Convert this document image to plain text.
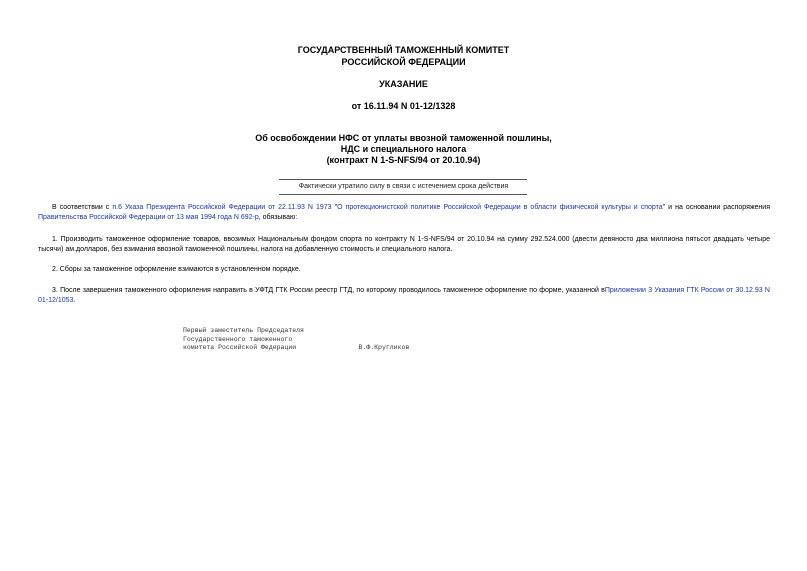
ГОСУДАРСТВЕННЫЙ ТАМОЖЕННЫЙ КОМИТЕТ
РОССИЙСКОЙ ФЕДЕРАЦИИ
УКАЗАНИЕ
от 16.11.94 N 01-12/1328
Об освобождении НФС от уплаты ввозной таможенной пошлины,
НДС и специального налога
(контракт N 1-S-NFS/94 от 20.10.94)
Фактически утратило силу в связи с истечением срока действия
В соответствии с п.6 Указа Президента Российской Федерации от 22.11.93 N 1973 "О протекционистской политике Российской Федерации в области физической культуры и спорта" и на основании распоряжения Правительства Российской Федерации от 13 мая 1994 года N 692-р, обязываю:
1. Производить таможенное оформление товаров, ввозимых Национальным фондом спорта по контракту N 1-S-NFS/94 от 20.10.94 на сумму 292.524.000 (двести девяносто два миллиона пятьсот двадцать четыре тысячи) ам.долларов, без взимания ввозной таможенной пошлины, налога на добавленную стоимость и специального налога.
2. Сборы за таможенное оформление взимаются в установленном порядке.
3. После завершения таможенного оформления направить в УФТД ГТК России реестр ГТД, по которому проводилось таможенное оформление по форме, указанной вПриложении 3 Указания ГТК России от 30.12.93 N 01-12/1053.
Первый заместитель Председателя
Государственного таможенного
комитета Российской Федерации	В.Ф.Кругликов
